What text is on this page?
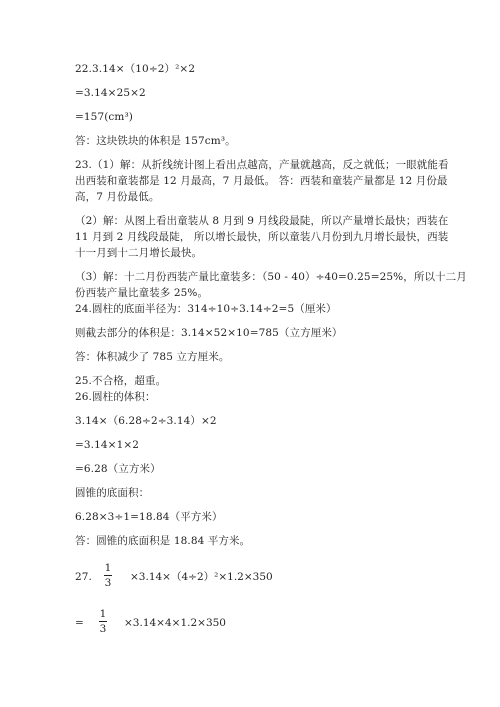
22.3.14×（10÷2）²×2
=3.14×25×2
=157(cm³)
答：这块铁块的体积是 157cm³。
23.（1）解：从折线统计图上看出点越高，产量就越高，反之就低；一眼就能看
出西装和童装都是 12 月最高，7 月最低。 答：西装和童装产量都是 12 月份最
高，7 月份最低。
（2）解：从图上看出童装从 8 月到 9 月线段最陡，所以产量增长最快；西装在
11 月到 2 月线段最陡， 所以增长最快，所以童装八月份到九月增长最快，西装
十一月到十二月增长最快。
（3）解：十二月份西装产量比童装多：（50 - 40）÷40=0.25=25%，所以十二月
份西装产量比童装多 25%。
24.圆柱的底面半径为：314÷10÷3.14÷2=5（厘米）
则截去部分的体积是：3.14×52×10=785（立方厘米）
答：体积减少了 785 立方厘米。
25.不合格，超重。
26.圆柱的体积：
3.14×（6.28÷2÷3.14）×2
=3.14×1×2
=6.28（立方米）
圆锥的底面积：
6.28×3÷1=18.84（平方米）
答：圆锥的底面积是 18.84 平方米。
27.
1
3 ×3.14×（4÷2）²×1.2×350
=
1
3 ×3.14×4×1.2×350
